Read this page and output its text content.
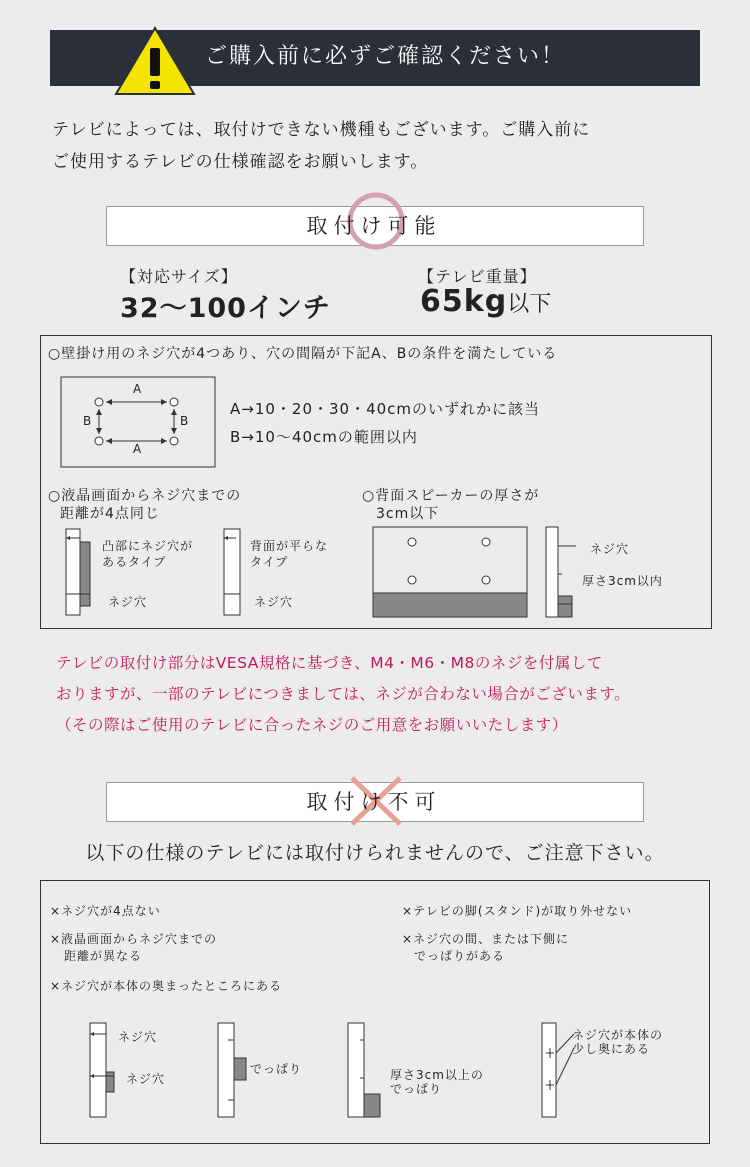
ご購入前に必ずご確認ください！
テレビによっては、取付けできない機種もございます。ご購入前に
ご使用するテレビの仕様確認をお願いします。
取付け可能
【対応サイズ】
32〜100インチ
【テレビ重量】
65kg以下
○壁掛け用のネジ穴が4つあり、穴の間隔が下記A、Bの条件を満たしている
A
A
B	B
A→10・20・30・40cmのいずれかに該当
B→10〜40cmの範囲以内
○液晶画面からネジ穴までの
距離が4点同じ
凸部にネジ穴が
あるタイプ
ネジ穴
背面が平らな
タイプ
ネジ穴
○背面スピーカーの厚さが
3cm以下
ネジ穴
厚さ3cm以内
テレビの取付け部分はVESA規格に基づき、M4・M6・M8のネジを付属して
おりますが、一部のテレビにつきましては、ネジが合わない場合がございます。
（その際はご使用のテレビに合ったネジのご用意をお願いいたします）
取付け不可
以下の仕様のテレビには取付けられませんので、ご注意下さい。
×ネジ穴が4点ない
×液晶画面からネジ穴までの
距離が異なる
×ネジ穴が本体の奥まったところにある
×テレビの脚(スタンド)が取り外せない
×ネジ穴の間、または下側に
でっぱりがある
ネジ穴
ネジ穴
でっぱり	厚さ3cm以上の
でっぱり
ネジ穴が本体の
少し奥にある
